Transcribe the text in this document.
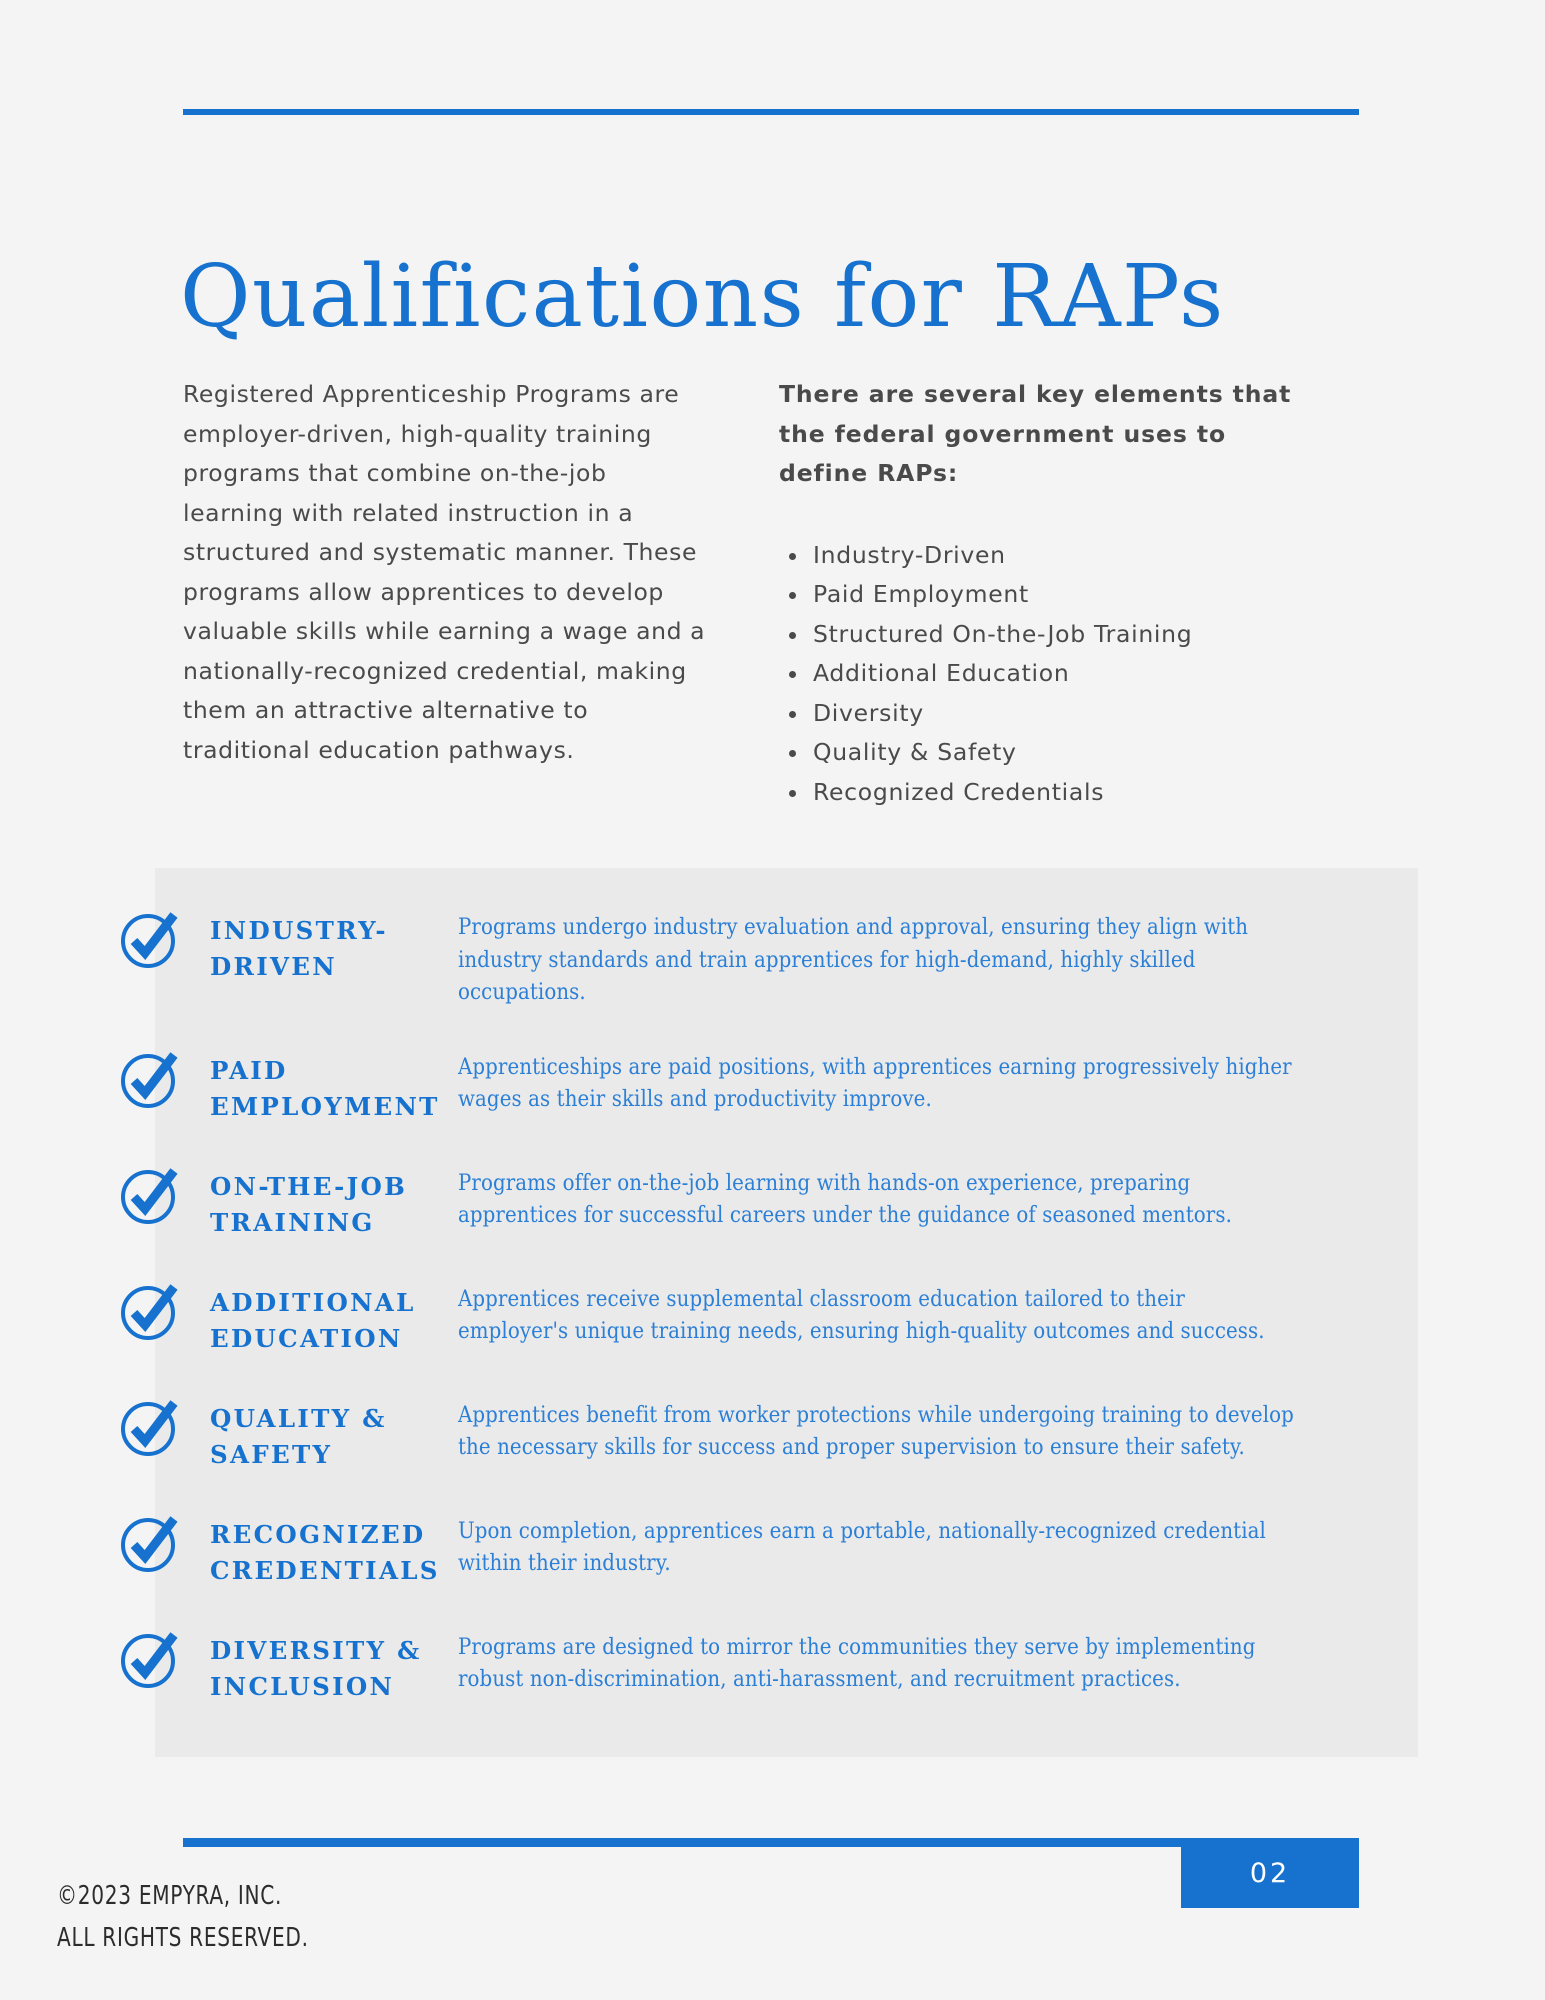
Qualifications for RAPs

Registered Apprenticeship Programs are employer-driven, high-quality training programs that combine on-the-job learning with related instruction in a structured and systematic manner. These programs allow apprentices to develop valuable skills while earning a wage and a nationally-recognized credential, making them an attractive alternative to traditional education pathways.

There are several key elements that the federal government uses to define RAPs:

Industry-Driven
Paid Employment
Structured On-the-Job Training
Additional Education
Diversity
Quality & Safety
Recognized Credentials
INDUSTRY-DRIVEN
Programs undergo industry evaluation and approval, ensuring they align with industry standards and train apprentices for high-demand, highly skilled occupations.
PAID EMPLOYMENT
Apprenticeships are paid positions, with apprentices earning progressively higher wages as their skills and productivity improve.
ON-THE-JOB TRAINING
Programs offer on-the-job learning with hands-on experience, preparing apprentices for successful careers under the guidance of seasoned mentors.
ADDITIONAL EDUCATION
Apprentices receive supplemental classroom education tailored to their employer's unique training needs, ensuring high-quality outcomes and success.
QUALITY & SAFETY
Apprentices benefit from worker protections while undergoing training to develop the necessary skills for success and proper supervision to ensure their safety.
RECOGNIZED CREDENTIALS
Upon completion, apprentices earn a portable, nationally-recognized credential within their industry.
DIVERSITY & INCLUSION
Programs are designed to mirror the communities they serve by implementing robust non-discrimination, anti-harassment, and recruitment practices.
02
©2023 EMPYRA, INC.
ALL RIGHTS RESERVED.
